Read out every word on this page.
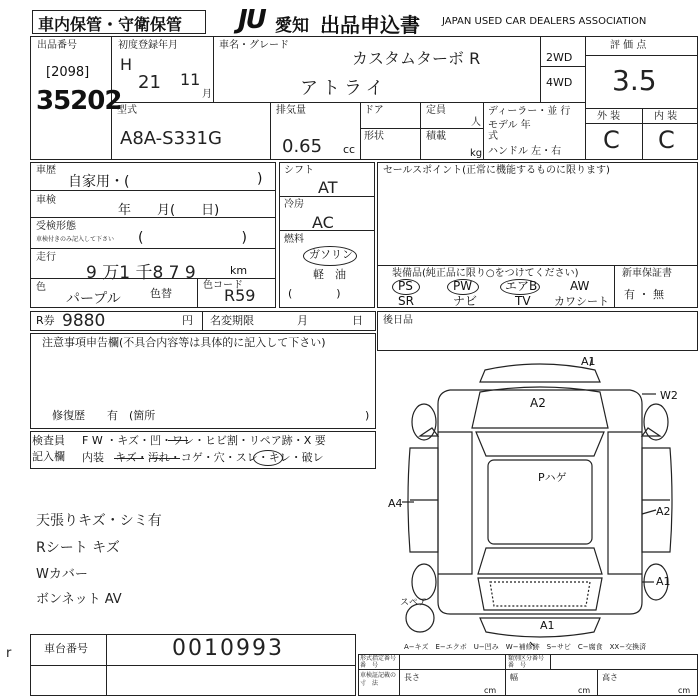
車内保管・守衛保管 JU 愛知 出品申込書 JAPAN USED CAR DEALERS ASSOCIATION
出品番号
[2098]
35202
初度登録年月
H
21 11
月
車名・グレード
カスタムターボ R
アトライ
2WD
4WD
評 価 点
3.5
外 装	内 装
C C
型式
A8A-S331G
排気量
0.65 cc
ドア
形状
定員
人
積載
kg
ディーラー・並 行
モデル 年式
ハンドル 左・右
車歴
自家用・(	)
車検
年　　月(　　日)
受検形態
車検付きのみ記入して下さい (　　　　　　　)
走行
9 万1 千8 7 9	km
色
パープル	色替
色コード
R59
シフト
AT
冷房
AC
燃料
ガソリン
軽　油
(　　　　)
セールスポイント(正常に機能するものに限ります)
装備品(純正品に限り○をつけてください)
PS	PW	エアB	AW
SR	ナビ	TV カワシート
新車保証書
有 ・ 無
R券 9880	円 名変期限	月　　　　日 後日品
注意事項申告欄(不具合内容等は具体的に記入して下さい)
修復歴　　有　(箇所	)
検査員
記入欄
F W ・キズ・凹・ワレ・ヒビ割・リペア跡・X 要
内装　キズ・汚れ・コゲ・穴・スレ・キレ・破レ
天張りキズ・シミ有
Rシート キズ
Wカバー
ボンネット AV
A1
W2
A2
Pハゲ
A4
A2
A1
A1
スペア
A−キズ　E−エクボ　U−凹み　W−補修跡　S−サビ　C−腐食　XX−交換済
車台番号	0010993	形式指定番号
番　号
類別区分番号
番　号
車検証記載の
寸　法
長さ	幅	高さ
cm	cm	cm
r
